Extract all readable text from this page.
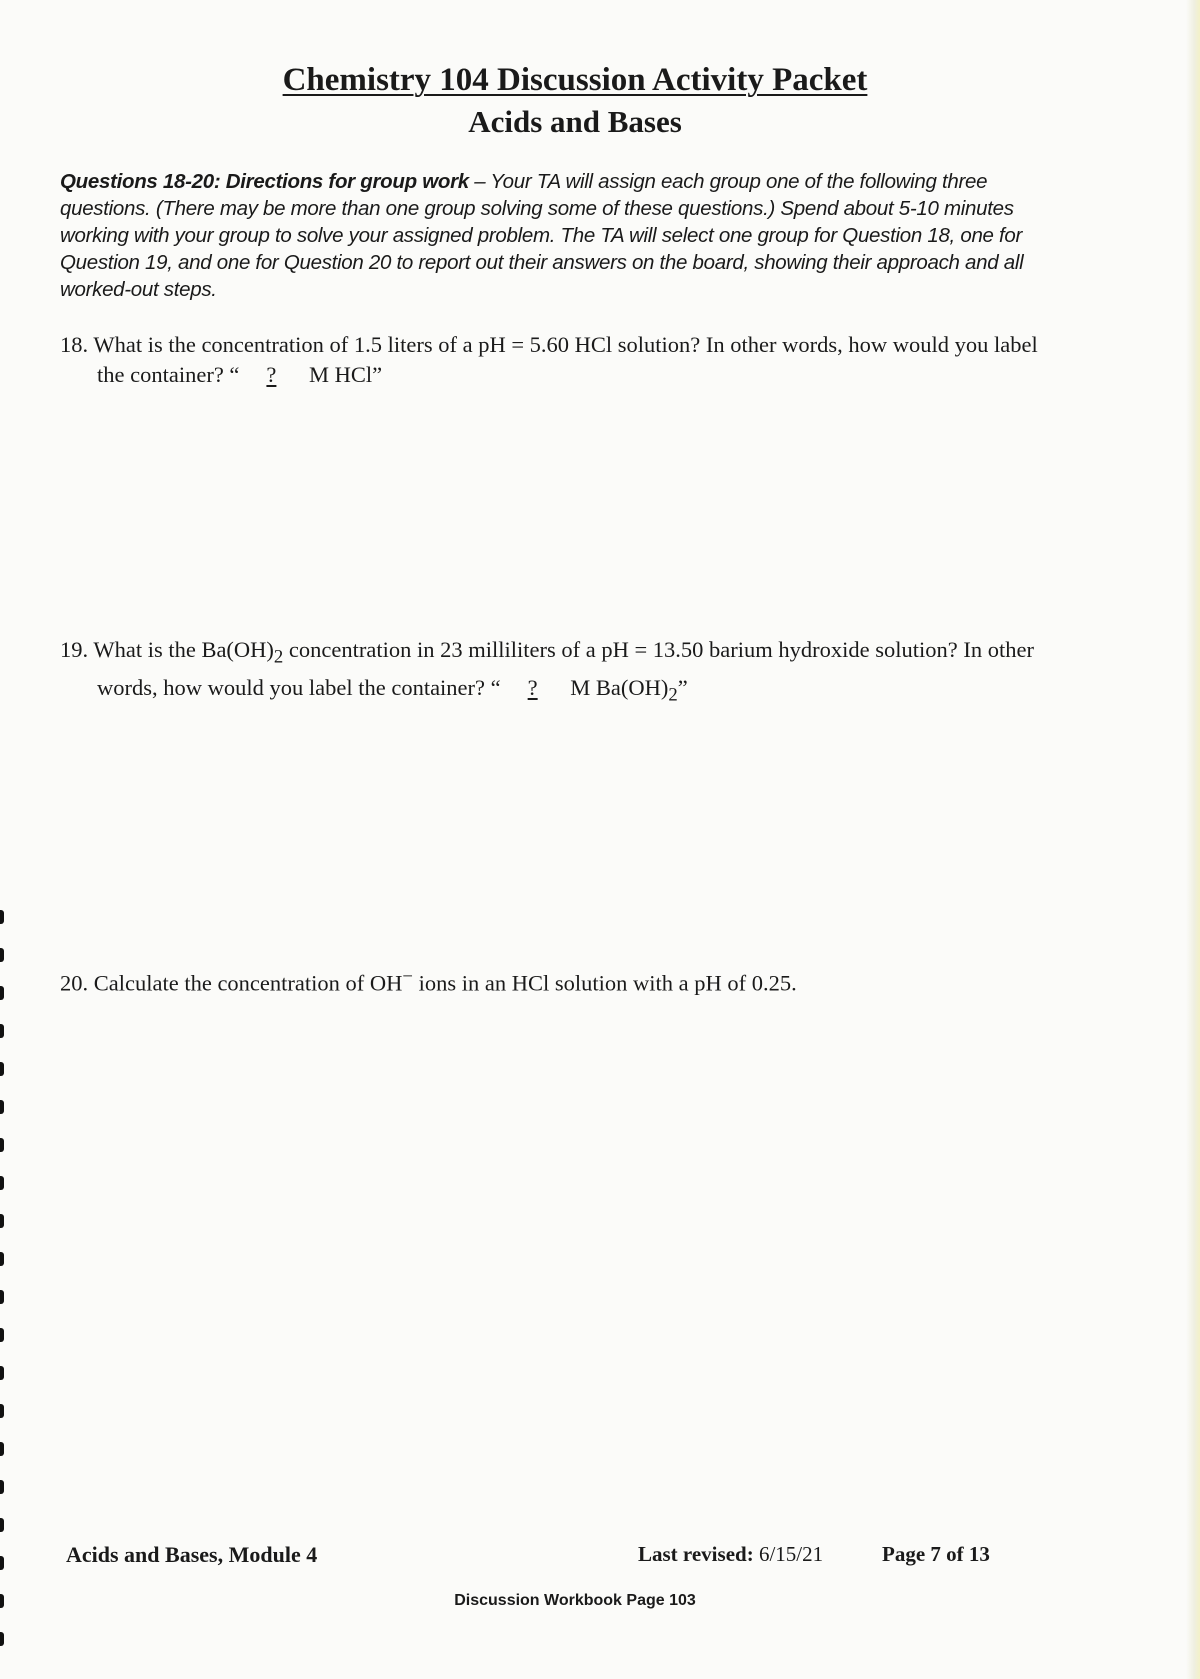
Chemistry 104 Discussion Activity Packet
Acids and Bases
Questions 18-20: Directions for group work – Your TA will assign each group one of the following three questions. (There may be more than one group solving some of these questions.) Spend about 5-10 minutes working with your group to solve your assigned problem. The TA will select one group for Question 18, one for Question 19, and one for Question 20 to report out their answers on the board, showing their approach and all worked-out steps.
18. What is the concentration of 1.5 liters of a pH = 5.60 HCl solution? In other words, how would you label
the container? “ ? M HCl”
19. What is the $Ba(OH)_2$ concentration in 23 milliliters of a pH = 13.50 barium hydroxide solution? In other
words, how would you label the container? “ ? M $Ba(OH)_2$”
20. Calculate the concentration of OH− ions in an HCl solution with a pH of 0.25.
Acids and Bases, Module 4	Last revised: 6/15/21	Page 7 of 13
Discussion Workbook Page 103
